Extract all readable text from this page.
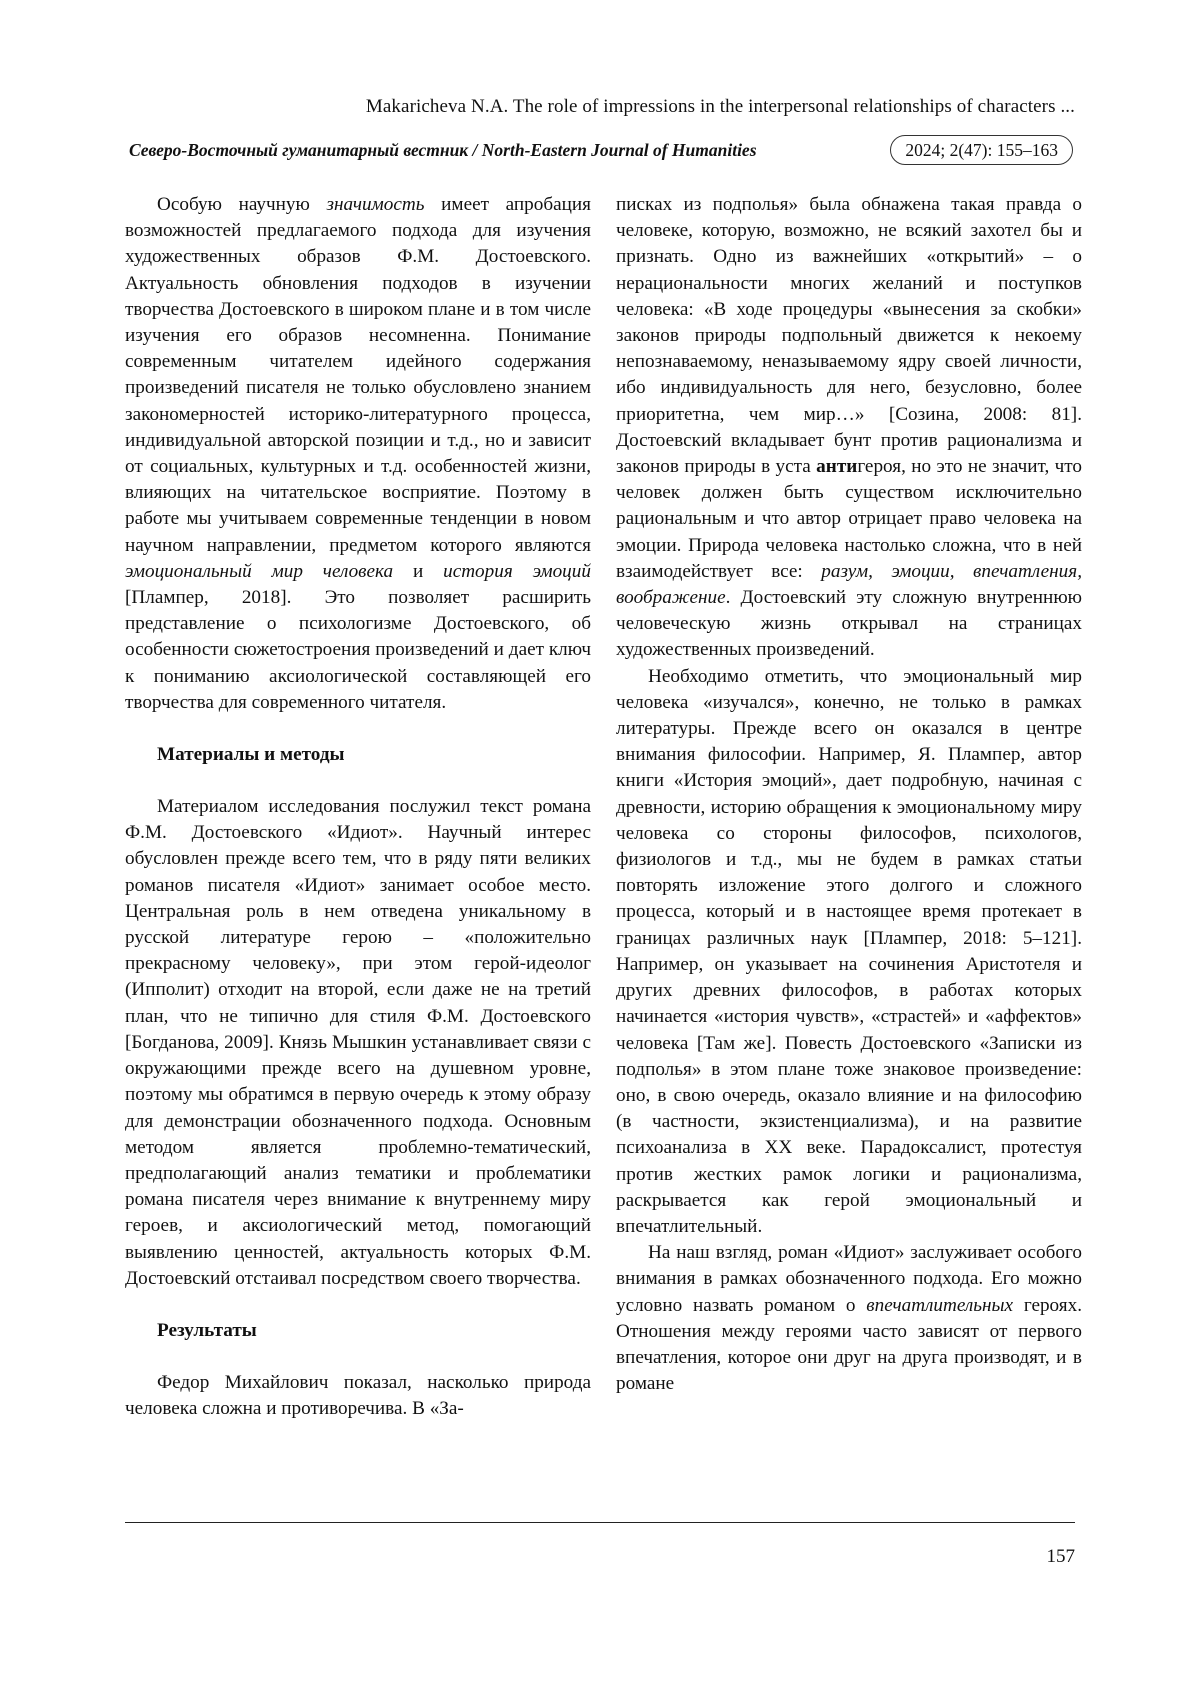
Makaricheva N.A. The role of impressions in the interpersonal relationships of characters ...
Северо-Восточный гуманитарный вестник / North-Eastern Journal of Humanities	2024; 2(47): 155–163

Особую научную значимость имеет апробация возможностей предлагаемого подхода для изучения художественных образов Ф.М. Достоевского. Актуальность обновления подходов в изучении творчества Достоевского в широком плане и в том числе изучения его образов несомненна. Понимание современным читателем идейного содержания произведений писателя не только обусловлено знанием закономерностей историко-литературного процесса, индивидуальной авторской позиции и т.д., но и зависит от социальных, культурных и т.д. особенностей жизни, влияющих на читательское восприятие. Поэтому в работе мы учитываем современные тенденции в новом научном направлении, предметом которого являются эмоциональный мир человека и история эмоций [Плампер, 2018]. Это позволяет расширить представление о психологизме Достоевского, об особенности сюжетостроения произведений и дает ключ к пониманию аксиологической составляющей его творчества для современного читателя.

Материалы и методы

Материалом исследования послужил текст романа Ф.М. Достоевского «Идиот». Научный интерес обусловлен прежде всего тем, что в ряду пяти великих романов писателя «Идиот» занимает особое место. Центральная роль в нем отведена уникальному в русской литературе герою – «положительно прекрасному человеку», при этом герой-идеолог (Ипполит) отходит на второй, если даже не на третий план, что не типично для стиля Ф.М. Достоевского [Богданова, 2009]. Князь Мышкин устанавливает связи с окружающими прежде всего на душевном уровне, поэтому мы обратимся в первую очередь к этому образу для демонстрации обозначенного подхода. Основным методом является проблемно-тематический, предполагающий анализ тематики и проблематики романа писателя через внимание к внутреннему миру героев, и аксиологический метод, помогающий выявлению ценностей, актуальность которых Ф.М. Достоевский отстаивал посредством своего творчества.

Результаты

Федор Михайлович показал, насколько природа человека сложна и противоречива. В «За-

писках из подполья» была обнажена такая правда о человеке, которую, возможно, не всякий захотел бы и признать. Одно из важнейших «открытий» – о нерациональности многих желаний и поступков человека: «В ходе процедуры «вынесения за скобки» законов природы подпольный движется к некоему непознаваемому, неназываемому ядру своей личности, ибо индивидуальность для него, безусловно, более приоритетна, чем мир…» [Созина, 2008: 81]. Достоевский вкладывает бунт против рационализма и законов природы в уста антигероя, но это не значит, что человек должен быть существом исключительно рациональным и что автор отрицает право человека на эмоции. Природа человека настолько сложна, что в ней взаимодействует все: разум, эмоции, впечатления, воображение. Достоевский эту сложную внутреннюю человеческую жизнь открывал на страницах художественных произведений.

Необходимо отметить, что эмоциональный мир человека «изучался», конечно, не только в рамках литературы. Прежде всего он оказался в центре внимания философии. Например, Я. Плампер, автор книги «История эмоций», дает подробную, начиная с древности, историю обращения к эмоциональному миру человека со стороны философов, психологов, физиологов и т.д., мы не будем в рамках статьи повторять изложение этого долгого и сложного процесса, который и в настоящее время протекает в границах различных наук [Плампер, 2018: 5–121]. Например, он указывает на сочинения Аристотеля и других древних философов, в работах которых начинается «история чувств», «страстей» и «аффектов» человека [Там же]. Повесть Достоевского «Записки из подполья» в этом плане тоже знаковое произведение: оно, в свою очередь, оказало влияние и на философию (в частности, экзистенциализма), и на развитие психоанализа в XX веке. Парадоксалист, протестуя против жестких рамок логики и рационализма, раскрывается как герой эмоциональный и впечатлительный.

На наш взгляд, роман «Идиот» заслуживает особого внимания в рамках обозначенного подхода. Его можно условно назвать романом о впечатлительных героях. Отношения между героями часто зависят от первого впечатления, которое они друг на друга производят, и в романе

157
